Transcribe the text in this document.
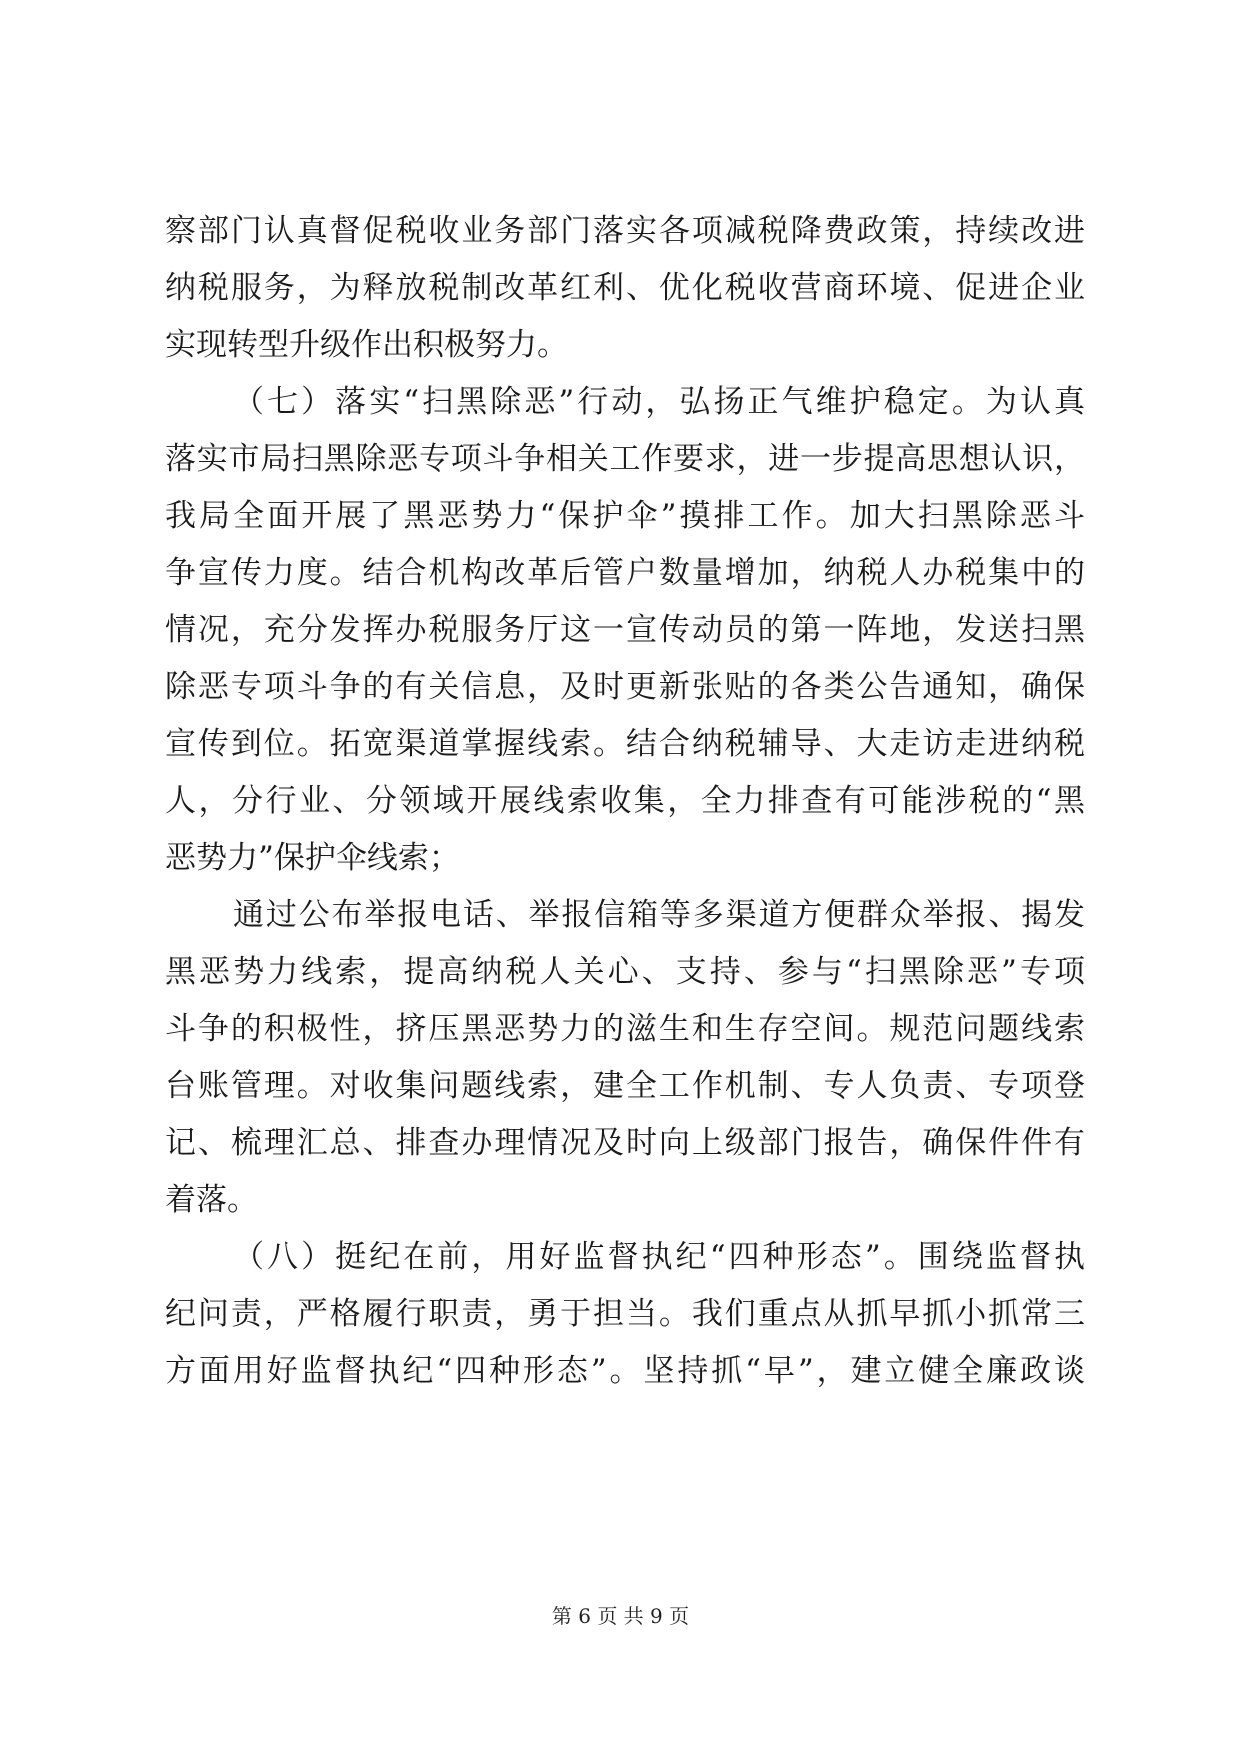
察部门认真督促税收业务部门落实各项减税降费政策，持续改进
纳税服务，为释放税制改革红利、优化税收营商环境、促进企业
实现转型升级作出积极努力。
（七）落实“扫黑除恶”行动，弘扬正气维护稳定。为认真
落实市局扫黑除恶专项斗争相关工作要求，进一步提高思想认识，
我局全面开展了黑恶势力“保护伞”摸排工作。加大扫黑除恶斗
争宣传力度。结合机构改革后管户数量增加，纳税人办税集中的
情况，充分发挥办税服务厅这一宣传动员的第一阵地，发送扫黑
除恶专项斗争的有关信息，及时更新张贴的各类公告通知，确保
宣传到位。拓宽渠道掌握线索。结合纳税辅导、大走访走进纳税
人，分行业、分领域开展线索收集，全力排查有可能涉税的“黑
恶势力”保护伞线索；
通过公布举报电话、举报信箱等多渠道方便群众举报、揭发
黑恶势力线索，提高纳税人关心、支持、参与“扫黑除恶”专项
斗争的积极性，挤压黑恶势力的滋生和生存空间。规范问题线索
台账管理。对收集问题线索，建全工作机制、专人负责、专项登
记、梳理汇总、排查办理情况及时向上级部门报告，确保件件有
着落。
（八）挺纪在前，用好监督执纪“四种形态”。围绕监督执
纪问责，严格履行职责，勇于担当。我们重点从抓早抓小抓常三
方面用好监督执纪“四种形态”。坚持抓“早”，建立健全廉政谈
第 6 页 共 9 页
